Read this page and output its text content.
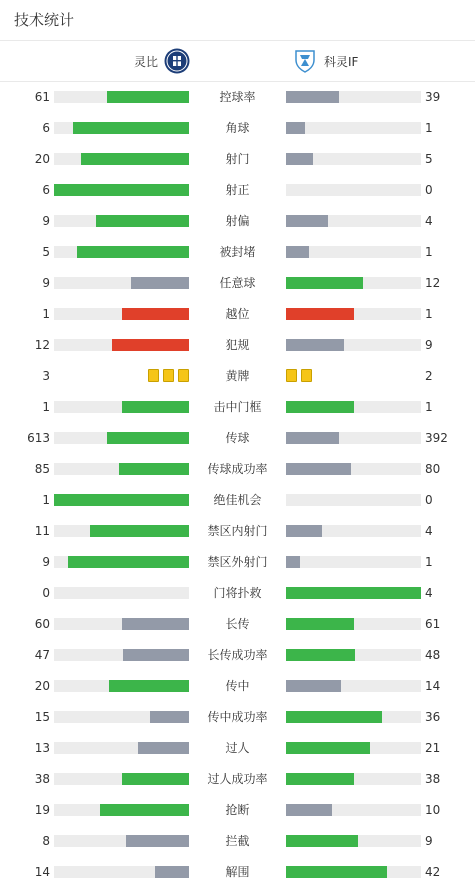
技术统计
灵比	科灵IF
61	控球率	39
6	角球	1
20	射门	5
6	射正	0
9	射偏	4
5	被封堵	1
9	任意球	12
1	越位	1
12	犯规	9
3	黄牌	2
1	击中门框	1
613	传球	392
85	传球成功率	80
1	绝佳机会	0
11	禁区内射门	4
9	禁区外射门	1
0	门将扑救	4
60	长传	61
47	长传成功率	48
20	传中	14
15	传中成功率	36
13	过人	21
38	过人成功率	38
19	抢断	10
8	拦截	9
14	解围	42
